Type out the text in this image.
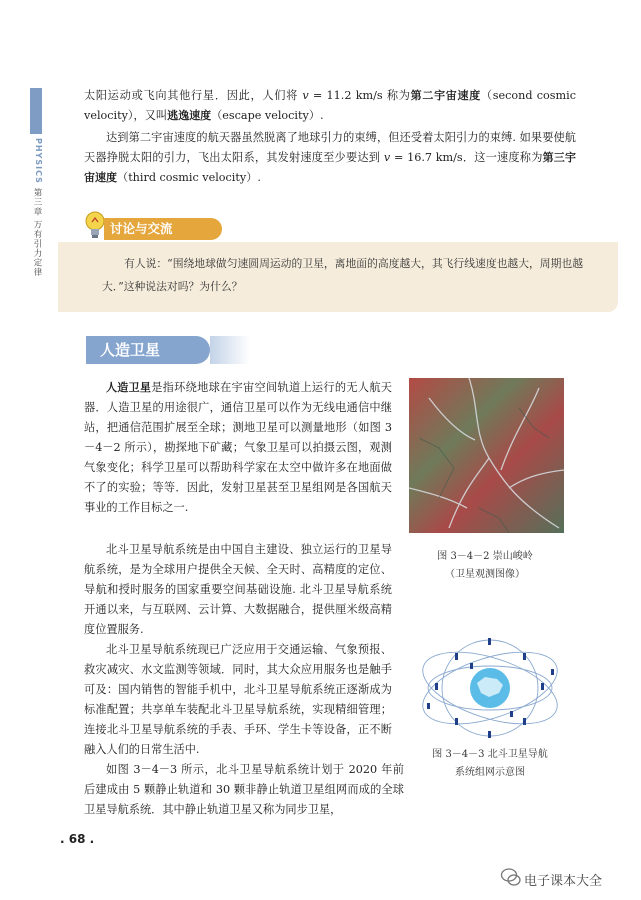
PHYSICS
第三章 万有引力定律

太阳运动或飞向其他行星．因此，人们将 v = 11.2 km/s 称为第二宇宙速度（second cosmic velocity），又叫逃逸速度（escape velocity）.

达到第二宇宙速度的航天器虽然脱离了地球引力的束缚，但还受着太阳引力的束缚. 如果要使航天器挣脱太阳的引力，飞出太阳系，其发射速度至少要达到 v = 16.7 km/s．这一速度称为第三宇宙速度（third cosmic velocity）.

讨论与交流

有人说：“围绕地球做匀速圆周运动的卫星，离地面的高度越大，其飞行线速度也越大，周期也越大．”这种说法对吗？为什么？

人造卫星

人造卫星是指环绕地球在宇宙空间轨道上运行的无人航天器．人造卫星的用途很广，通信卫星可以作为无线电通信中继站，把通信范围扩展至全球；测地卫星可以测量地形（如图 3－4－2 所示），勘探地下矿藏；气象卫星可以拍摄云图，观测气象变化；科学卫星可以帮助科学家在太空中做许多在地面做不了的实验；等等．因此，发射卫星甚至卫星组网是各国航天事业的工作目标之一.

北斗卫星导航系统是由中国自主建设、独立运行的卫星导航系统，是为全球用户提供全天候、全天时、高精度的定位、导航和授时服务的国家重要空间基础设施. 北斗卫星导航系统开通以来，与互联网、云计算、大数据融合，提供厘米级高精度位置服务.

北斗卫星导航系统现已广泛应用于交通运输、气象预报、救灾减灾、水文监测等领域．同时，其大众应用服务也是触手可及：国内销售的智能手机中，北斗卫星导航系统正逐渐成为标准配置；共享单车装配北斗卫星导航系统，实现精细管理；连接北斗卫星导航系统的手表、手环、学生卡等设备，正不断融入人们的日常生活中.

如图 3－4－3 所示，北斗卫星导航系统计划于 2020 年前后建成由 5 颗静止轨道和 30 颗非静止轨道卫星组网而成的全球卫星导航系统．其中静止轨道卫星又称为同步卫星，

图 3－4－2 崇山峻岭
（卫星观测图像）

图 3－4－3 北斗卫星导航
系统组网示意图

. 68 .
电子课本大全
